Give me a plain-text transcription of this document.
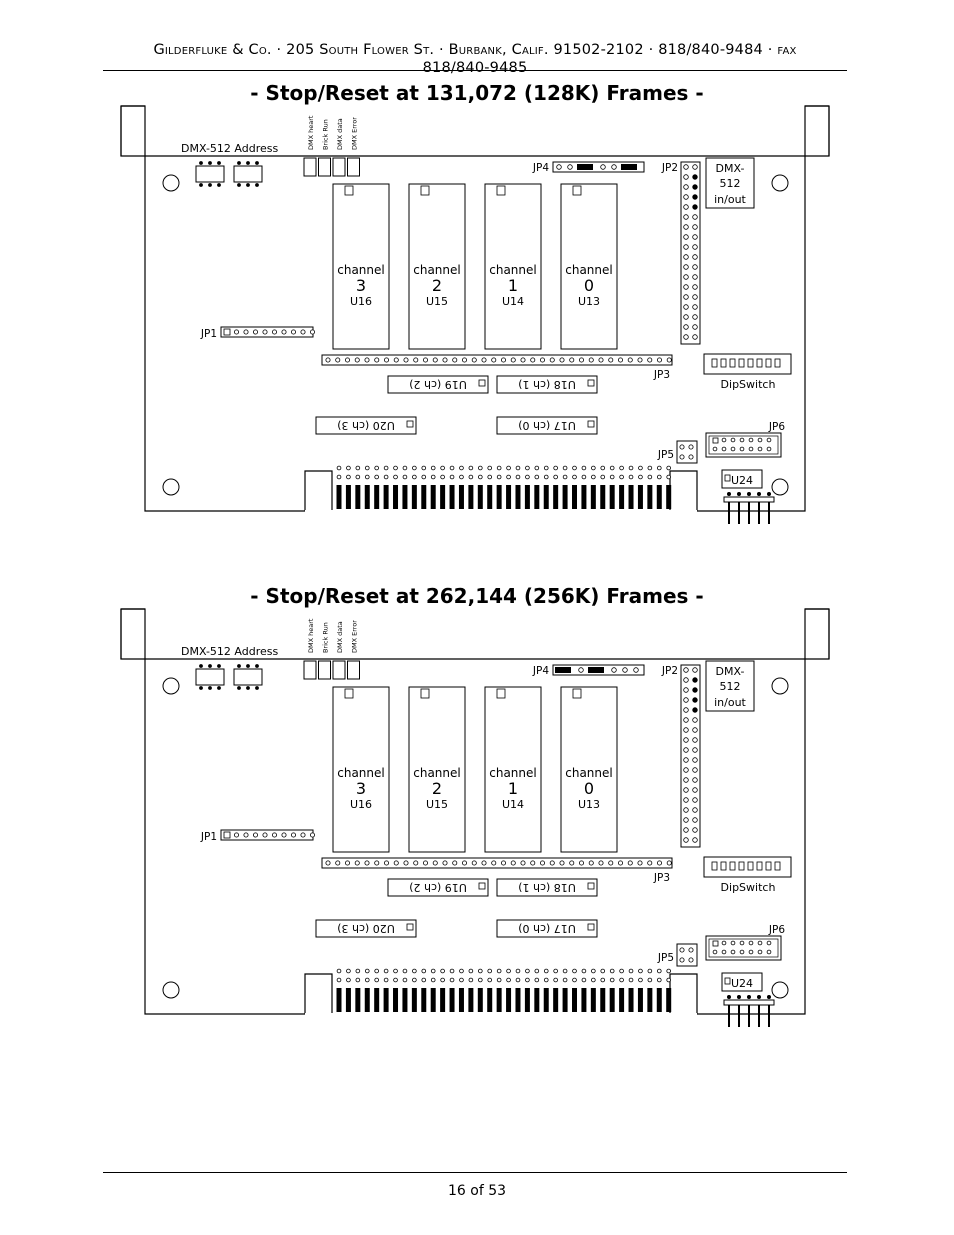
Gilderfluke & Co. · 205 South Flower St. · Burbank, Calif. 91502-2102 · 818/840-9484 · fax818/840-9485
- Stop/Reset at 131,072 (128K) Frames -
DMX-512 Address	DMX heart Brick Run DMX data DMX Error
JP4	JP2	DMX-
512
in/out
channel
3
U16
channel
2
U15
channel
1
U14
channel
0
U13
JP1
JP3
DipSwitch
U19 (ch 2)	U18 (ch 1)
U20 (ch 3)	U17 (ch 0)	JP6
JP5
U24
- Stop/Reset at 262,144 (256K) Frames -
DMX-512 Address	DMX heart Brick Run DMX data DMX Error
JP4	JP2	DMX-
512
in/out
channel
3
U16
channel
2
U15
channel
1
U14
channel
0
U13
JP1
JP3
DipSwitch
U19 (ch 2)	U18 (ch 1)
U20 (ch 3)	U17 (ch 0)	JP6
JP5
U24
16 of 53
